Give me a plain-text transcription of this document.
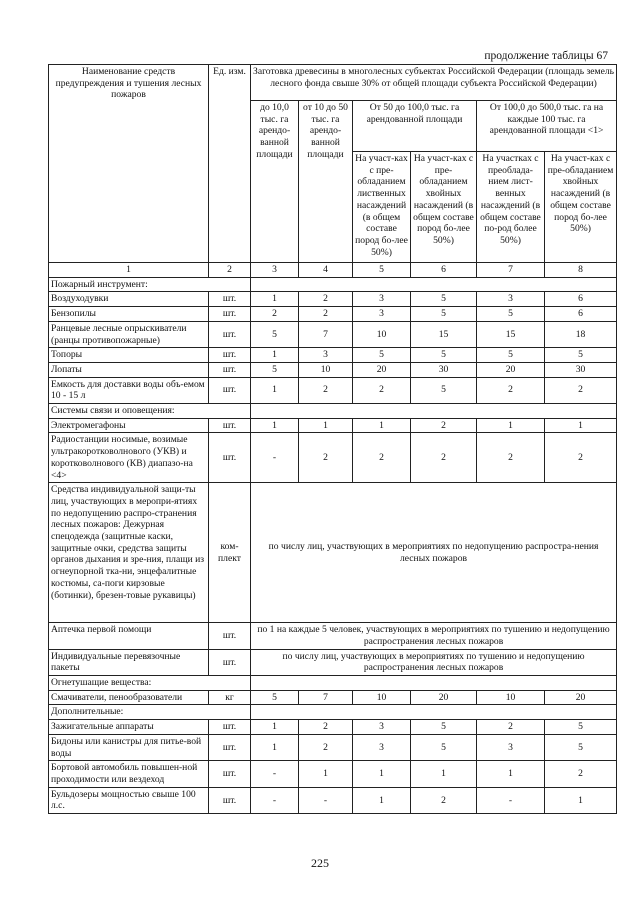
продолжение таблицы 67
Наименование средств предупреждения и тушения лесных пожаров	Ед. изм.	Заготовка древесины в многолесных субъектах Российской Федерации (площадь земель лесного фонда свыше 30% от общей площади субъекта Российской Федерации)					
		до 10,0 тыс. га арендо-ванной площади	от 10 до 50 тыс. га арендо-ванной площади	От 50 до 100,0 тыс. га арендованной площади		От 100,0 до 500,0 тыс. га на каждые 100 тыс. га арендованной площади <1>	
				На участ-ках с пре-обладанием лиственных насаждений (в общем составе пород бо-лее 50%)	На участ-ках с пре-обладанием хвойных насаждений (в общем составе пород бо-лее 50%)	На участках с преоблада-нием лист-венных насаждений (в общем составе по-род более 50%)	На участ-ках с пре-обладанием хвойных насаждений (в общем составе пород бо-лее 50%)
1	2	3	4	5	6	7	8
Пожарный инструмент:							
Воздуходувки	шт.	1	2	3	5	3	6
Бензопилы	шт.	2	2	3	5	5	6
Ранцевые лесные опрыскиватели (ранцы противопожарные)	шт.	5	7	10	15	15	18
Топоры	шт.	1	3	5	5	5	5
Лопаты	шт.	5	10	20	30	20	30
Емкость для доставки воды объ-емом 10 - 15 л	шт.	1	2	2	5	2	2
Системы связи и оповещения:							
Электромегафоны	шт.	1	1	1	2	1	1
Радиостанции носимые, возимые ультракоротковолнового (УКВ) и коротковолнового (КВ) диапазо-на <4>	шт.	-	2	2	2	2	2
Средства индивидуальной защи-ты лиц, участвующих в меропри-ятиях по недопущению распро-странения лесных пожаров: Дежурная спецодежда (защитные каски, защитные очки, средства защиты органов дыхания и зре-ния, плащи из огнеупорной тка-ни, энцефалитные костюмы, са-поги кирзовые (ботинки), брезен-товые рукавицы)	ком-плект	по числу лиц, участвующих в мероприятиях по недопущению распростра-нения лесных пожаров					
Аптечка первой помощи	шт.	по 1 на каждые 5 человек, участвующих в мероприятиях по тушению и недопущению распространения лесных пожаров					
Индивидуальные перевязочные пакеты	шт.	по числу лиц, участвующих в мероприятиях по тушению и недопущению распространения лесных пожаров					
Огнетушащие вещества:							
Смачиватели, пенообразователи	кг	5	7	10	20	10	20
Дополнительные:							
Зажигательные аппараты	шт.	1	2	3	5	2	5
Бидоны или канистры для питье-вой воды	шт.	1	2	3	5	3	5
Бортовой автомобиль повышен-ной проходимости или вездеход	шт.	-	1	1	1	1	2
Бульдозеры мощностью свыше 100 л.с.	шт.	-	-	1	2	-	1
225
